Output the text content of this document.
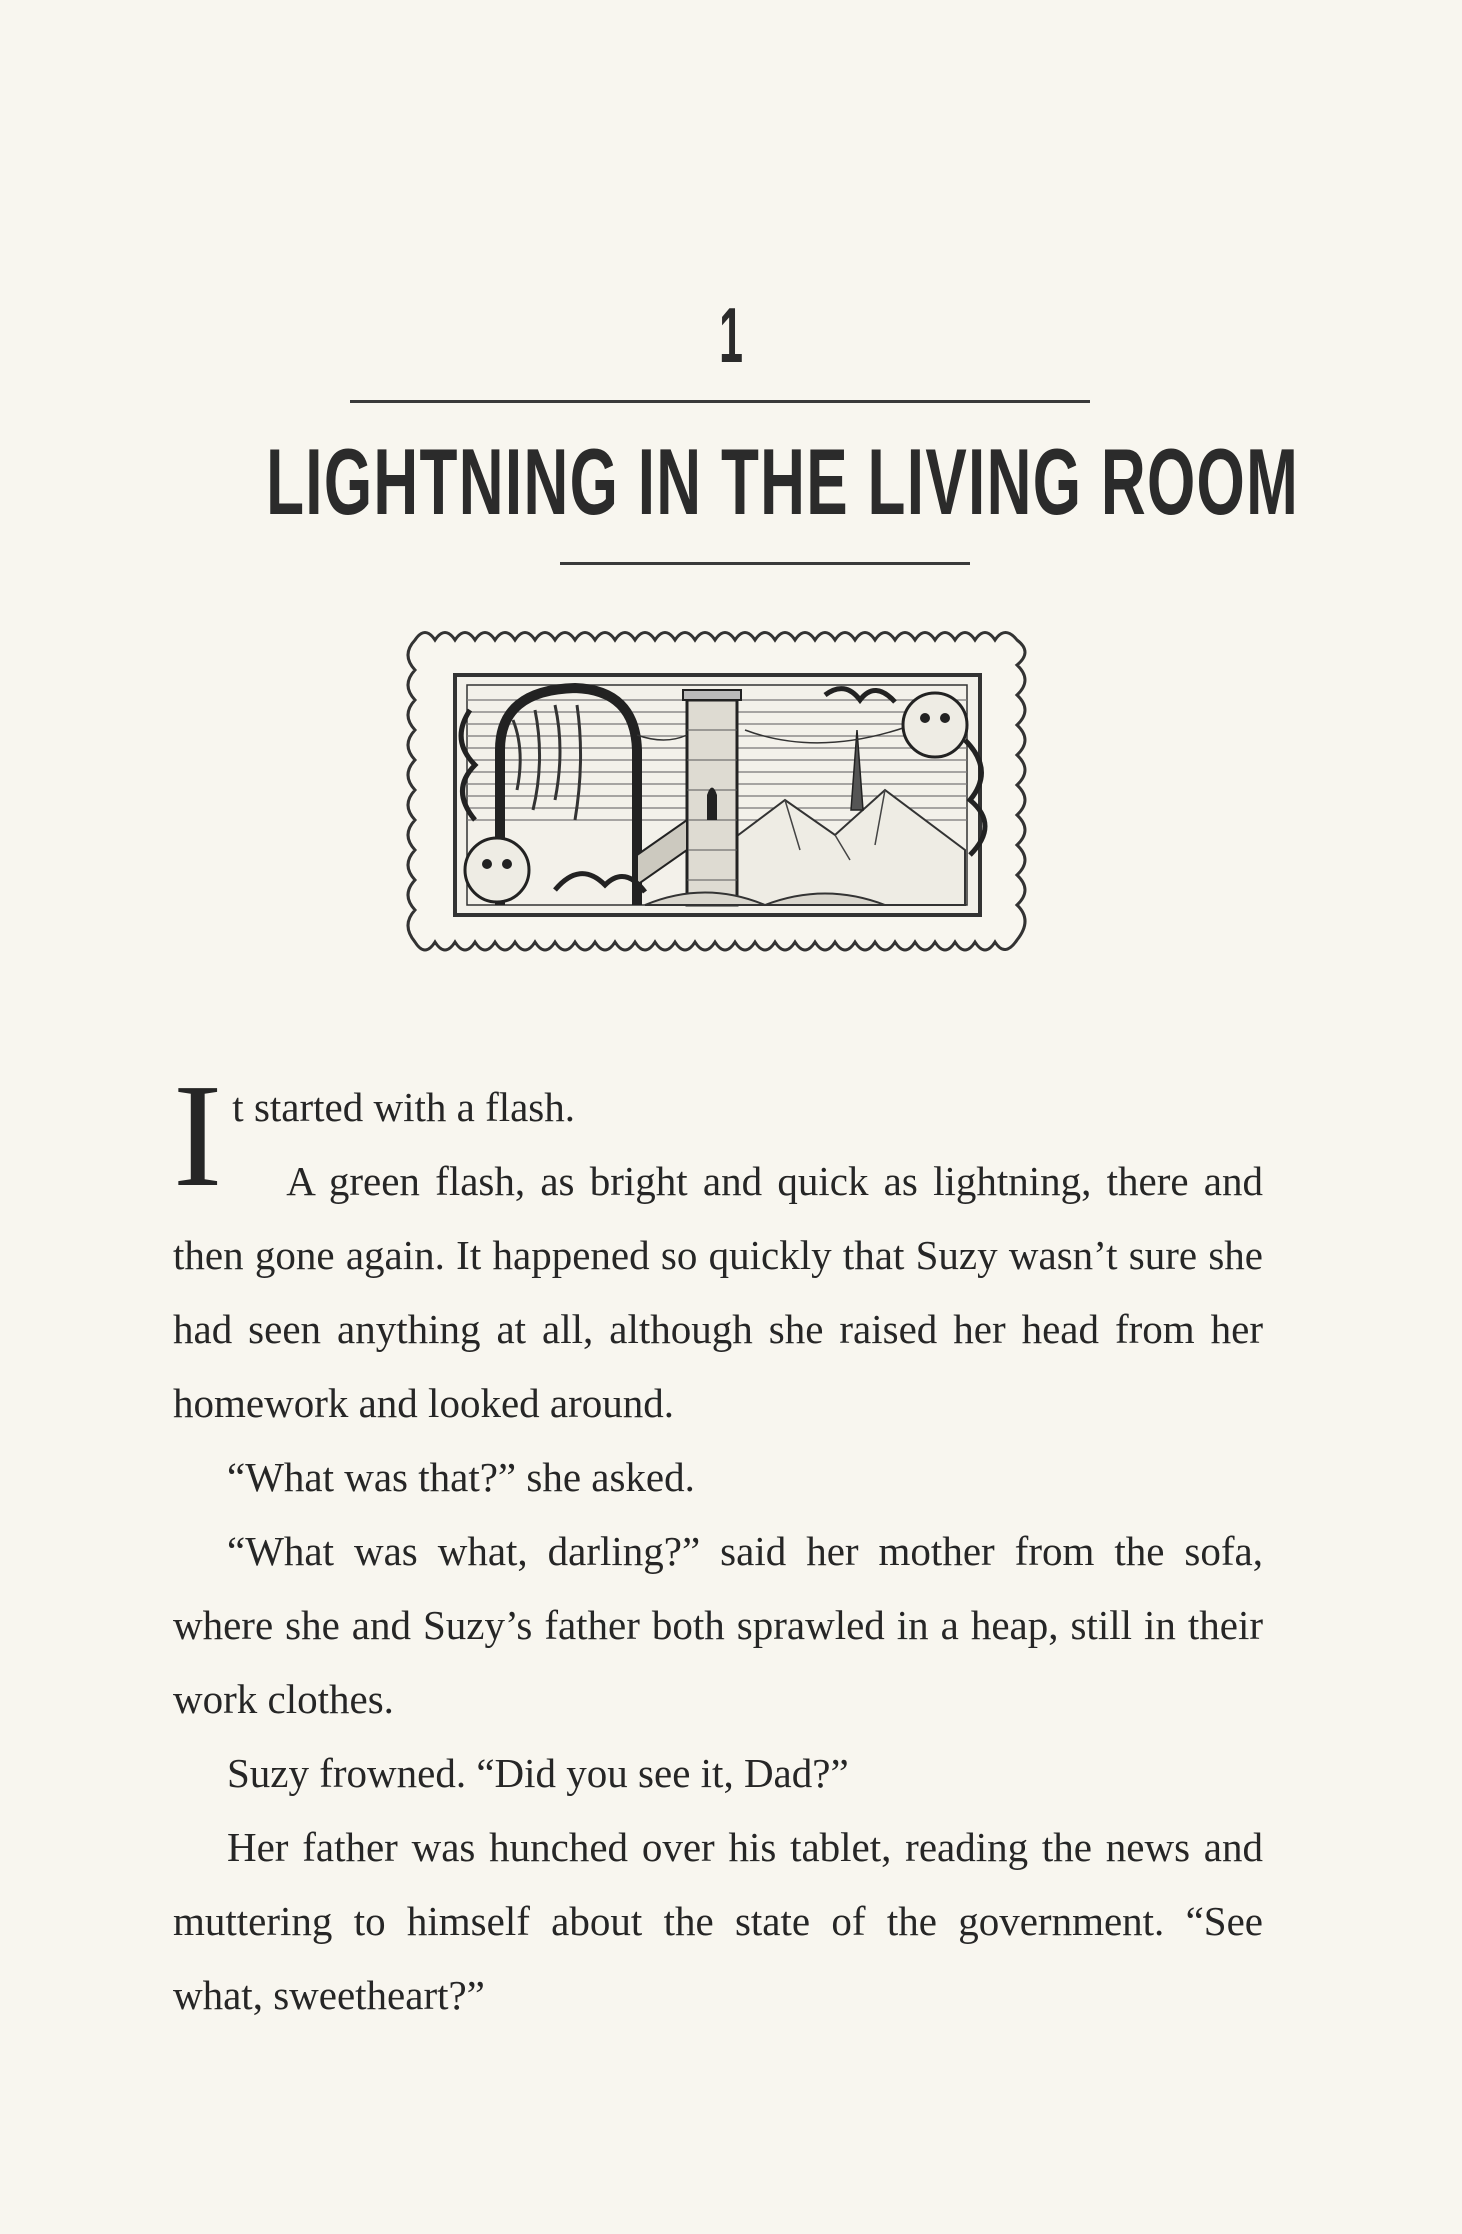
1
LIGHTNING IN THE LIVING ROOM

It started with a flash.

A green flash, as bright and quick as lightning, there and then gone again. It happened so quickly that Suzy wasn’t sure she had seen anything at all, although she raised her head from her homework and looked around.

“What was that?” she asked.

“What was what, darling?” said her mother from the sofa, where she and Suzy’s father both sprawled in a heap, still in their work clothes.

Suzy frowned. “Did you see it, Dad?”

Her father was hunched over his tablet, reading the news and muttering to himself about the state of the government. “See what, sweetheart?”
